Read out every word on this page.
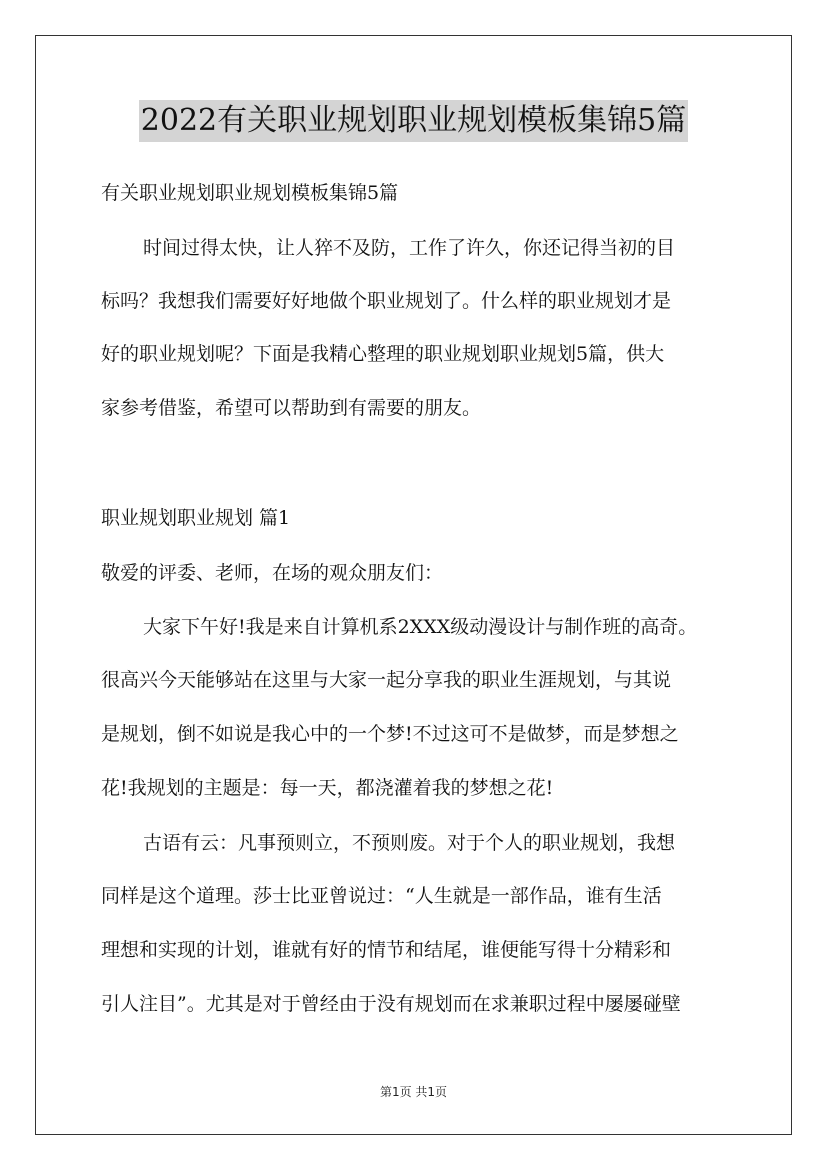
2022有关职业规划职业规划模板集锦5篇
有关职业规划职业规划模板集锦5篇
时间过得太快，让人猝不及防，工作了许久，你还记得当初的目
标吗？我想我们需要好好地做个职业规划了。什么样的职业规划才是
好的职业规划呢？下面是我精心整理的职业规划职业规划5篇，供大
家参考借鉴，希望可以帮助到有需要的朋友。
职业规划职业规划 篇1
敬爱的评委、老师，在场的观众朋友们：
大家下午好!我是来自计算机系2XXX级动漫设计与制作班的高奇。
很高兴今天能够站在这里与大家一起分享我的职业生涯规划，与其说
是规划，倒不如说是我心中的一个梦!不过这可不是做梦，而是梦想之
花!我规划的主题是：每一天，都浇灌着我的梦想之花!
古语有云：凡事预则立，不预则废。对于个人的职业规划，我想
同样是这个道理。莎士比亚曾说过：“人生就是一部作品，谁有生活
理想和实现的计划，谁就有好的情节和结尾，谁便能写得十分精彩和
引人注目”。尤其是对于曾经由于没有规划而在求兼职过程中屡屡碰壁
第1页 共1页
